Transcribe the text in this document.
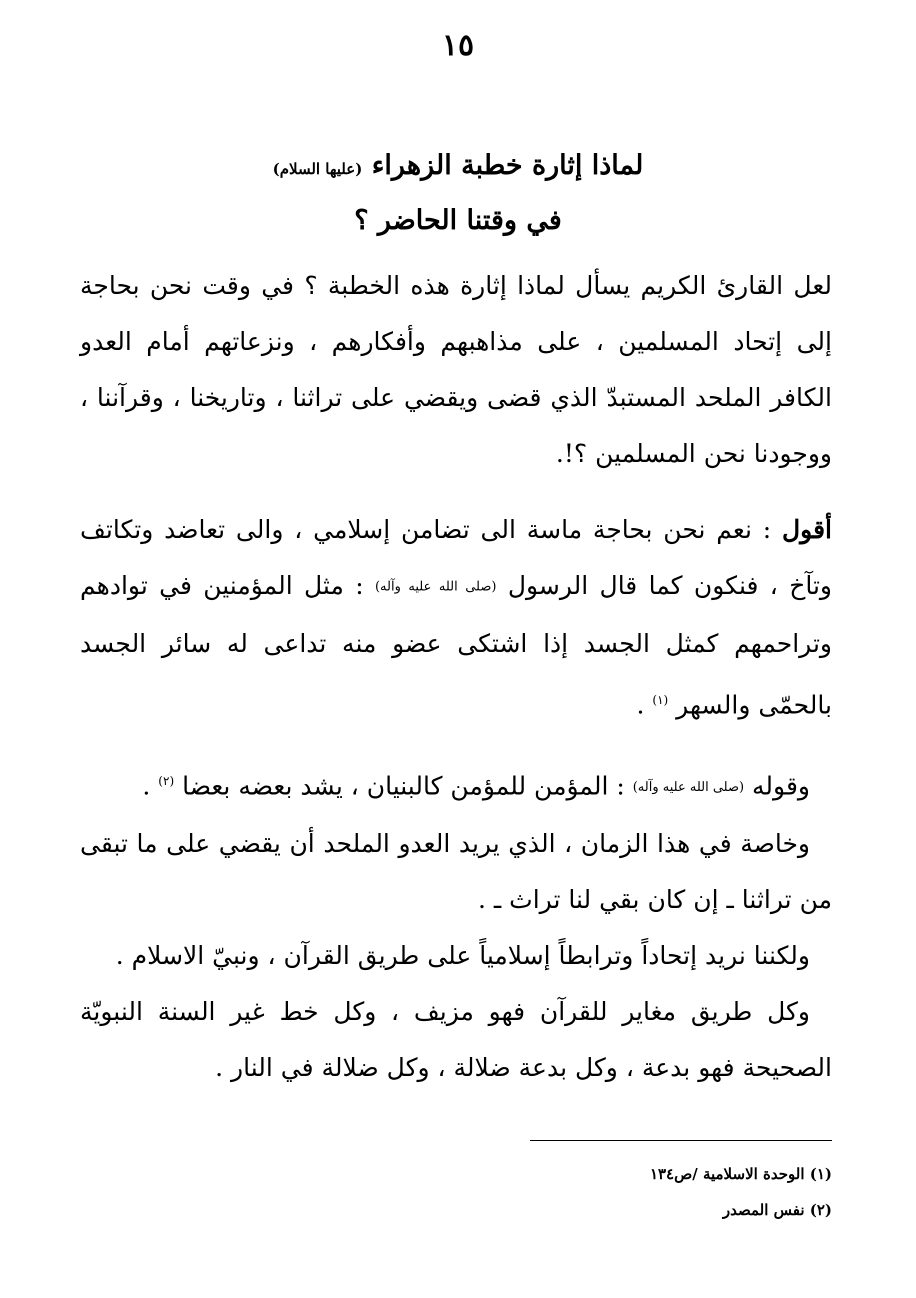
١٥
لماذا إثارة خطبة الزهراء (عليها السلام)
في وقتنا الحاضر ؟

لعل القارئ الكريم يسأل لماذا إثارة هذه الخطبة ؟ في وقت نحن بحاجة إلى إتحاد المسلمين ، على مذاهبهم وأفكارهم ، ونزعاتهم أمام العدو الكافر الملحد المستبدّ الذي قضى ويقضي على تراثنا ، وتاريخنا ، وقرآننا ، ووجودنا نحن المسلمين ؟!.

أقول : نعم نحن بحاجة ماسة الى تضامن إسلامي ، والى تعاضد وتكاتف وتآخ ، فنكون كما قال الرسول (صلى الله عليه وآله) : مثل المؤمنين في توادهم وتراحمهم كمثل الجسد إذا اشتكى عضو منه تداعى له سائر الجسد بالحمّى والسهر $^{(١)}$ .

وقوله (صلى الله عليه وآله) : المؤمن للمؤمن كالبنيان ، يشد بعضه بعضا $^{(٢)}$ .

وخاصة في هذا الزمان ، الذي يريد العدو الملحد أن يقضي على ما تبقى من تراثنا ـ إن كان بقي لنا تراث ـ .

ولكننا نريد إتحاداً وترابطاً إسلامياً على طريق القرآن ، ونبيّ الاسلام .

وكل طريق مغاير للقرآن فهو مزيف ، وكل خط غير السنة النبويّة الصحيحة فهو بدعة ، وكل بدعة ضلالة ، وكل ضلالة في النار .

(١) الوحدة الاسلامية /ص١٣٤

(٢) نفس المصدر
